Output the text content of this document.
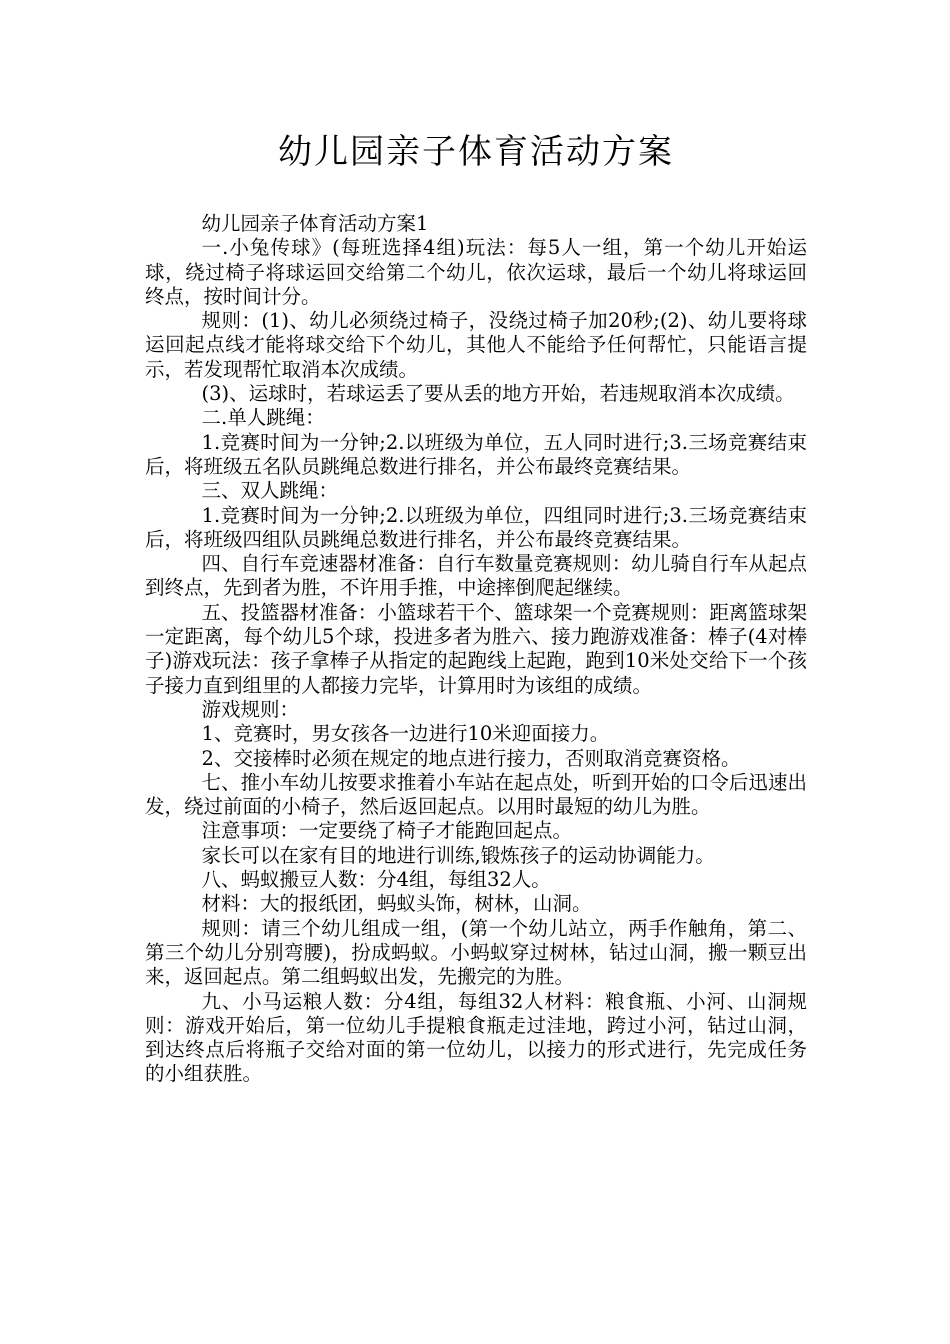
幼儿园亲子体育活动方案

幼儿园亲子体育活动方案1

一.小兔传球》(每班选择4组)玩法：每5人一组，第一个幼儿开始运球，绕过椅子将球运回交给第二个幼儿，依次运球，最后一个幼儿将球运回终点，按时间计分。

规则：(1)、幼儿必须绕过椅子，没绕过椅子加20秒;(2)、幼儿要将球运回起点线才能将球交给下个幼儿，其他人不能给予任何帮忙，只能语言提示，若发现帮忙取消本次成绩。

(3)、运球时，若球运丢了要从丢的地方开始，若违规取消本次成绩。

二.单人跳绳：

1.竞赛时间为一分钟;2.以班级为单位，五人同时进行;3.三场竞赛结束后，将班级五名队员跳绳总数进行排名，并公布最终竞赛结果。

三、双人跳绳：

1.竞赛时间为一分钟;2.以班级为单位，四组同时进行;3.三场竞赛结束后，将班级四组队员跳绳总数进行排名，并公布最终竞赛结果。

四、自行车竞速器材准备：自行车数量竞赛规则：幼儿骑自行车从起点到终点，先到者为胜，不许用手推，中途摔倒爬起继续。

五、投篮器材准备：小篮球若干个、篮球架一个竞赛规则：距离篮球架一定距离，每个幼儿5个球，投进多者为胜六、接力跑游戏准备：棒子(4对棒子)游戏玩法：孩子拿棒子从指定的起跑线上起跑，跑到10米处交给下一个孩子接力直到组里的人都接力完毕，计算用时为该组的成绩。

游戏规则：

1、竞赛时，男女孩各一边进行10米迎面接力。

2、交接棒时必须在规定的地点进行接力，否则取消竞赛资格。

七、推小车幼儿按要求推着小车站在起点处，听到开始的口令后迅速出发，绕过前面的小椅子，然后返回起点。以用时最短的幼儿为胜。

注意事项：一定要绕了椅子才能跑回起点。

家长可以在家有目的地进行训练,锻炼孩子的运动协调能力。

八、蚂蚁搬豆人数：分4组，每组32人。

材料：大的报纸团，蚂蚁头饰，树林，山洞。

规则：请三个幼儿组成一组，(第一个幼儿站立，两手作触角，第二、第三个幼儿分别弯腰)，扮成蚂蚁。小蚂蚁穿过树林，钻过山洞，搬一颗豆出来，返回起点。第二组蚂蚁出发，先搬完的为胜。

九、小马运粮人数：分4组，每组32人材料：粮食瓶、小河、山洞规则：游戏开始后，第一位幼儿手提粮食瓶走过洼地，跨过小河，钻过山洞，到达终点后将瓶子交给对面的第一位幼儿，以接力的形式进行，先完成任务的小组获胜。
